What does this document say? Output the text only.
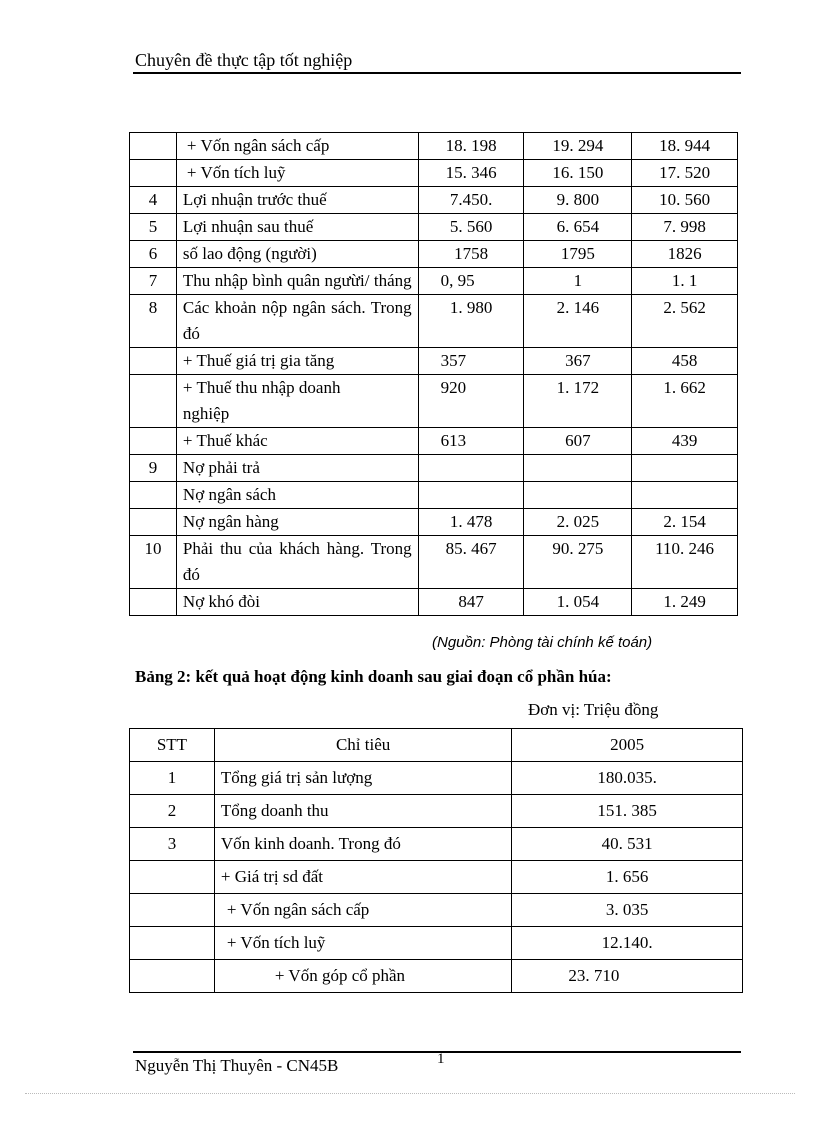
Chuyên đề thực tập tốt nghiệp
	+ Vốn ngân sách cấp	18. 198	19. 294	18. 944
	+ Vốn tích luỹ	15. 346	16. 150	17. 520
4	Lợi nhuận trước thuế	7.450.	9. 800	10. 560
5	Lợi nhuận sau thuế	5. 560	6. 654	7. 998
6	số lao động (người)	1758	1795	1826
7	Thu nhập bình quân ngưừi/ tháng	0, 95	1	1. 1
8	Các khoản nộp ngân sách. Trong đó	1. 980	2. 146	2. 562
	+ Thuế giá trị gia tăng	357	367	458
	+ Thuế thu nhập doanh nghiệp	920	1. 172	1. 662
	+ Thuế khác	613	607	439
9	Nợ phải trả			
	Nợ ngân sách			
	Nợ ngân hàng	1. 478	2. 025	2. 154
10	Phải thu của khách hàng. Trong đó	85. 467	90. 275	110. 246
	Nợ khó đòi	847	1. 054	1. 249
(Nguồn: Phòng tài chính kế toán)
Bảng 2: kết quả hoạt động kinh doanh sau giai đoạn cổ phần húa:
Đơn vị: Triệu đồng
STT	Chỉ tiêu	2005
1	Tổng giá trị sản lượng	180.035.
2	Tổng doanh thu	151. 385
3	Vốn kinh doanh. Trong đó	40. 531
	+ Giá trị sd đất	1. 656
	+ Vốn ngân sách cấp	3. 035
	+ Vốn tích luỹ	12.140.
	+ Vốn góp cổ phần	23. 710
Nguyễn Thị Thuyên - CN45B	1
